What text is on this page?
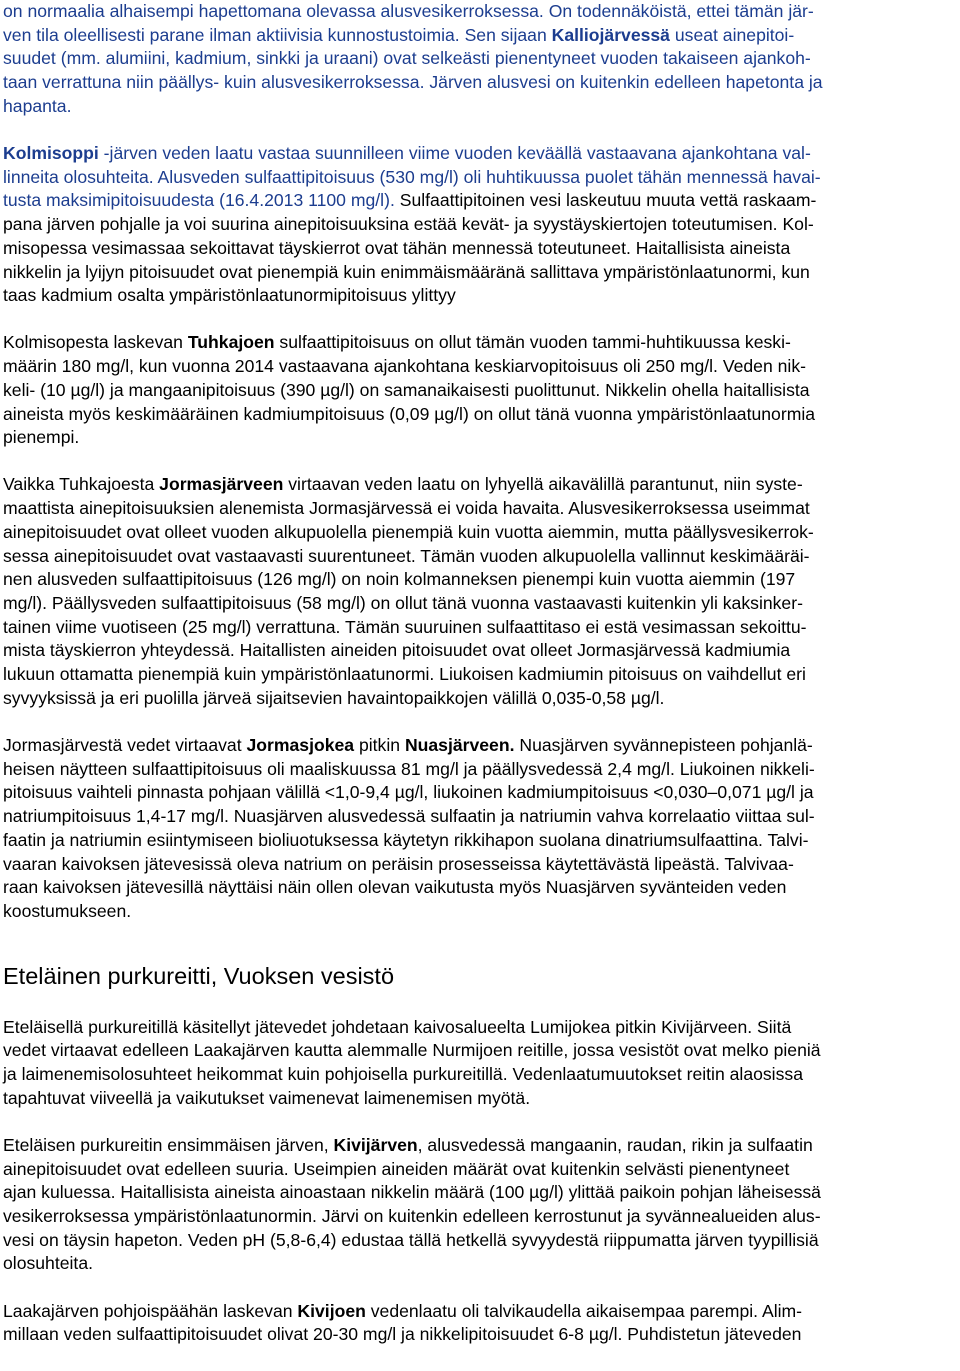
on normaalia alhaisempi hapettomana olevassa alusvesikerroksessa. On todennäköistä, ettei tämän jär-
ven tila oleellisesti parane ilman aktiivisia kunnostustoimia. Sen sijaan Kalliojärvessä useat ainepitoi-
suudet (mm. alumiini, kadmium, sinkki ja uraani) ovat selkeästi pienentyneet vuoden takaiseen ajankoh-
taan verrattuna niin päällys- kuin alusvesikerroksessa. Järven alusvesi on kuitenkin edelleen hapetonta ja
hapanta.

Kolmisoppi -järven veden laatu vastaa suunnilleen viime vuoden keväällä vastaavana ajankohtana val-
linneita olosuhteita. Alusveden sulfaattipitoisuus (530 mg/l) oli huhtikuussa puolet tähän mennessä havai-
tusta maksimipitoisuudesta (16.4.2013 1100 mg/l). Sulfaattipitoinen vesi laskeutuu muuta vettä raskaam-
pana järven pohjalle ja voi suurina ainepitoisuuksina estää kevät- ja syystäyskiertojen toteutumisen. Kol-
misopessa vesimassaa sekoittavat täyskierrot ovat tähän mennessä toteutuneet. Haitallisista aineista
nikkelin ja lyijyn pitoisuudet ovat pienempiä kuin enimmäismääränä sallittava ympäristönlaatunormi, kun
taas kadmium osalta ympäristönlaatunormipitoisuus ylittyy

Kolmisopesta laskevan Tuhkajoen sulfaattipitoisuus on ollut tämän vuoden tammi-huhtikuussa keski-
määrin 180 mg/l, kun vuonna 2014 vastaavana ajankohtana keskiarvopitoisuus oli 250 mg/l. Veden nik-
keli- (10 µg/l) ja mangaanipitoisuus (390 µg/l) on samanaikaisesti puolittunut. Nikkelin ohella haitallisista
aineista myös keskimääräinen kadmiumpitoisuus (0,09 µg/l) on ollut tänä vuonna ympäristönlaatunormia
pienempi.

Vaikka Tuhkajoesta Jormasjärveen virtaavan veden laatu on lyhyellä aikavälillä parantunut, niin syste-
maattista ainepitoisuuksien alenemista Jormasjärvessä ei voida havaita. Alusvesikerroksessa useimmat
ainepitoisuudet ovat olleet vuoden alkupuolella pienempiä kuin vuotta aiemmin, mutta päällysvesikerrok-
sessa ainepitoisuudet ovat vastaavasti suurentuneet. Tämän vuoden alkupuolella vallinnut keskimääräi-
nen alusveden sulfaattipitoisuus (126 mg/l) on noin kolmanneksen pienempi kuin vuotta aiemmin (197
mg/l). Päällysveden sulfaattipitoisuus (58 mg/l) on ollut tänä vuonna vastaavasti kuitenkin yli kaksinker-
tainen viime vuotiseen (25 mg/l) verrattuna. Tämän suuruinen sulfaattitaso ei estä vesimassan sekoittu-
mista täyskierron yhteydessä. Haitallisten aineiden pitoisuudet ovat olleet Jormasjärvessä kadmiumia
lukuun ottamatta pienempiä kuin ympäristönlaatunormi. Liukoisen kadmiumin pitoisuus on vaihdellut eri
syvyyksissä ja eri puolilla järveä sijaitsevien havaintopaikkojen välillä 0,035-0,58 µg/l.

Jormasjärvestä vedet virtaavat Jormasjokea pitkin Nuasjärveen. Nuasjärven syvännepisteen pohjanlä-
heisen näytteen sulfaattipitoisuus oli maaliskuussa 81 mg/l ja päällysvedessä 2,4 mg/l. Liukoinen nikkeli-
pitoisuus vaihteli pinnasta pohjaan välillä <1,0-9,4 µg/l, liukoinen kadmiumpitoisuus <0,030–0,071 µg/l ja
natriumpitoisuus 1,4-17 mg/l. Nuasjärven alusvedessä sulfaatin ja natriumin vahva korrelaatio viittaa sul-
faatin ja natriumin esiintymiseen bioliuotuksessa käytetyn rikkihapon suolana dinatriumsulfaattina. Talvi-
vaaran kaivoksen jätevesissä oleva natrium on peräisin prosesseissa käytettävästä lipeästä. Talvivaa-
raan kaivoksen jätevesillä näyttäisi näin ollen olevan vaikutusta myös Nuasjärven syvänteiden veden
koostumukseen.

Eteläinen purkureitti, Vuoksen vesistö

Eteläisellä purkureitillä käsitellyt jätevedet johdetaan kaivosalueelta Lumijokea pitkin Kivijärveen. Siitä
vedet virtaavat edelleen Laakajärven kautta alemmalle Nurmijoen reitille, jossa vesistöt ovat melko pieniä
ja laimenemisolosuhteet heikommat kuin pohjoisella purkureitillä. Vedenlaatumuutokset reitin alaosissa
tapahtuvat viiveellä ja vaikutukset vaimenevat laimenemisen myötä.

Eteläisen purkureitin ensimmäisen järven, Kivijärven, alusvedessä mangaanin, raudan, rikin ja sulfaatin
ainepitoisuudet ovat edelleen suuria. Useimpien aineiden määrät ovat kuitenkin selvästi pienentyneet
ajan kuluessa. Haitallisista aineista ainoastaan nikkelin määrä (100 µg/l) ylittää paikoin pohjan läheisessä
vesikerroksessa ympäristönlaatunormin. Järvi on kuitenkin edelleen kerrostunut ja syvännealueiden alus-
vesi on täysin hapeton. Veden pH (5,8-6,4) edustaa tällä hetkellä syvyydestä riippumatta järven tyypillisiä
olosuhteita.

Laakajärven pohjoispäähän laskevan Kivijoen vedenlaatu oli talvikaudella aikaisempaa parempi. Alim-
millaan veden sulfaattipitoisuudet olivat 20-30 mg/l ja nikkelipitoisuudet 6-8 µg/l. Puhdistetun jäteveden
